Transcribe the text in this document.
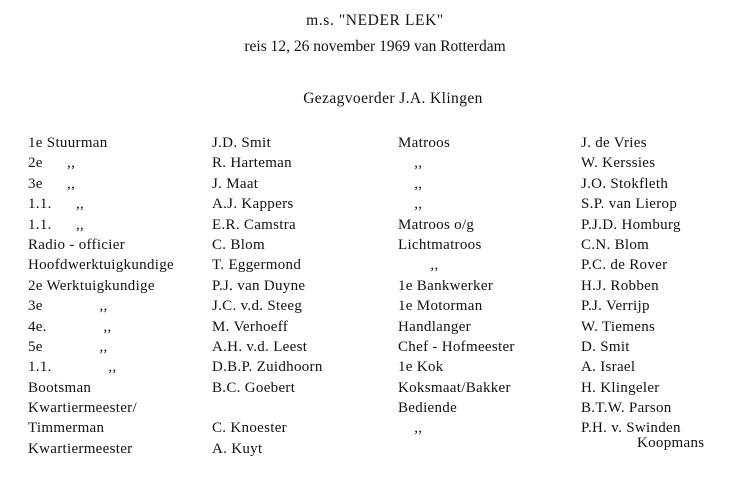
m.s. "NEDER LEK"
reis 12, 26 november 1969 van Rotterdam
Gezagvoerder J.A. Klingen
1e Stuurman
2e      ,,
3e      ,,
1.1.      ,,
1.1.      ,,
Radio - officier
Hoofdwerktuigkundige
2e Werktuigkundige
3e              ,,
4e.              ,,
5e              ,,
1.1.              ,,
Bootsman
Kwartiermeester/
Timmerman
Kwartiermeester
J.D. Smit
R. Harteman
J. Maat
A.J. Kappers
E.R. Camstra
C. Blom
T. Eggermond
P.J. van Duyne
J.C. v.d. Steeg
M. Verhoeff
A.H. v.d. Leest
D.B.P. Zuidhoorn
B.C. Goebert
C. Knoester
A. Kuyt
Matroos
,,
,,
,,
Matroos o/g
Lichtmatroos
,,
1e Bankwerker
1e Motorman
Handlanger
Chef - Hofmeester
1e Kok
Koksmaat/Bakker
Bediende
,,
J. de Vries
W. Kerssies
J.O. Stokfleth
S.P. van Lierop
P.J.D. Homburg
C.N. Blom
P.C. de Rover
H.J. Robben
P.J. Verrijp
W. Tiemens
D. Smit
A. Israel
H. Klingeler
B.T.W. Parson
P.H. v. Swinden
Koopmans
